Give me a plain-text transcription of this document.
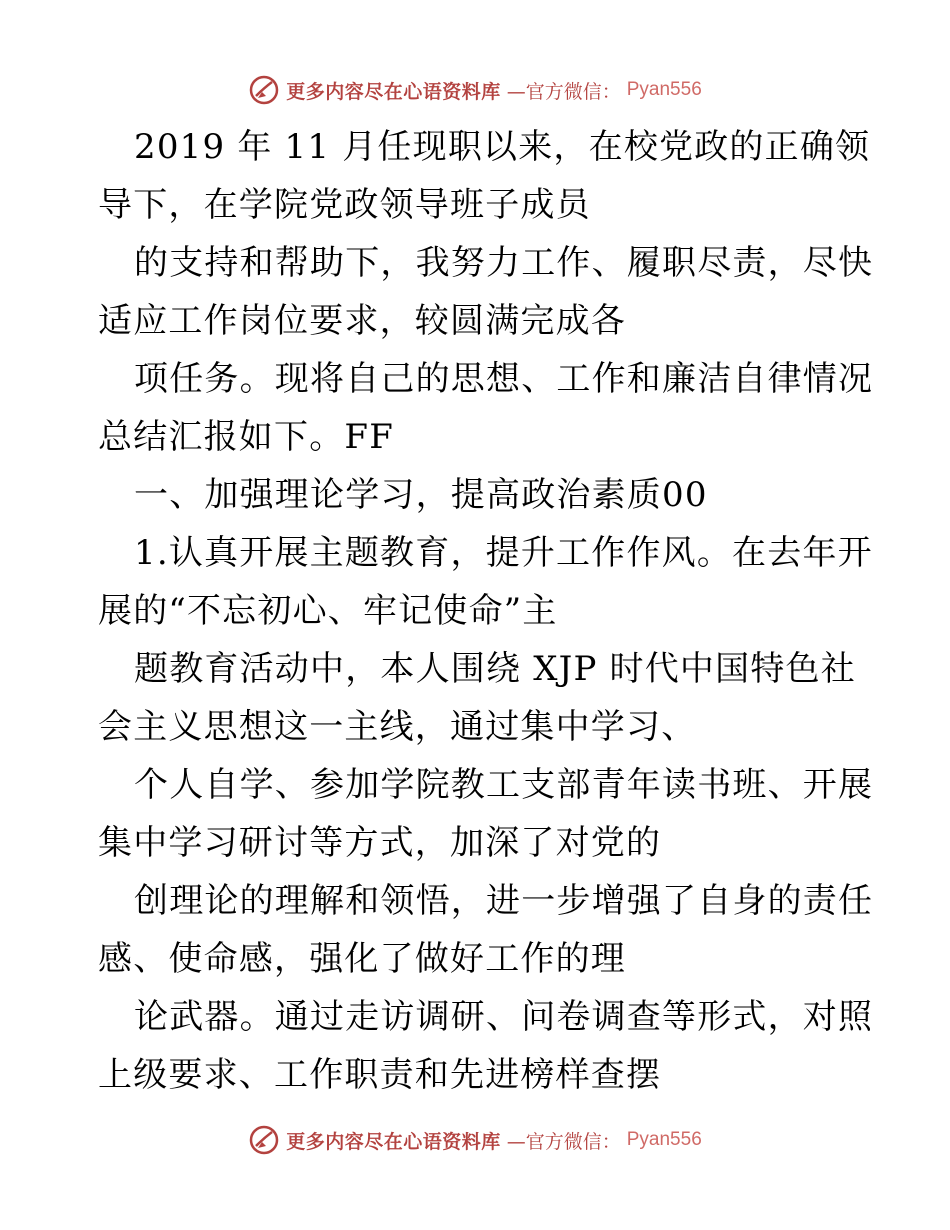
更多内容尽在心语资料库 —官方微信： Pyan556

2019 年 11 月任现职以来，在校党政的正确领
导下，在学院党政领导班子成员

的支持和帮助下，我努力工作、履职尽责，尽快
适应工作岗位要求，较圆满完成各

项任务。现将自己的思想、工作和廉洁自律情况
总结汇报如下。FF

一、加强理论学习，提高政治素质00

1.认真开展主题教育，提升工作作风。在去年开
展的“不忘初心、牢记使命”主

题教育活动中，本人围绕 XJP 时代中国特色社
会主义思想这一主线，通过集中学习、

个人自学、参加学院教工支部青年读书班、开展
集中学习研讨等方式，加深了对党的

创理论的理解和领悟，进一步增强了自身的责任
感、使命感，强化了做好工作的理

论武器。通过走访调研、问卷调查等形式，对照
上级要求、工作职责和先进榜样查摆

更多内容尽在心语资料库 —官方微信： Pyan556
